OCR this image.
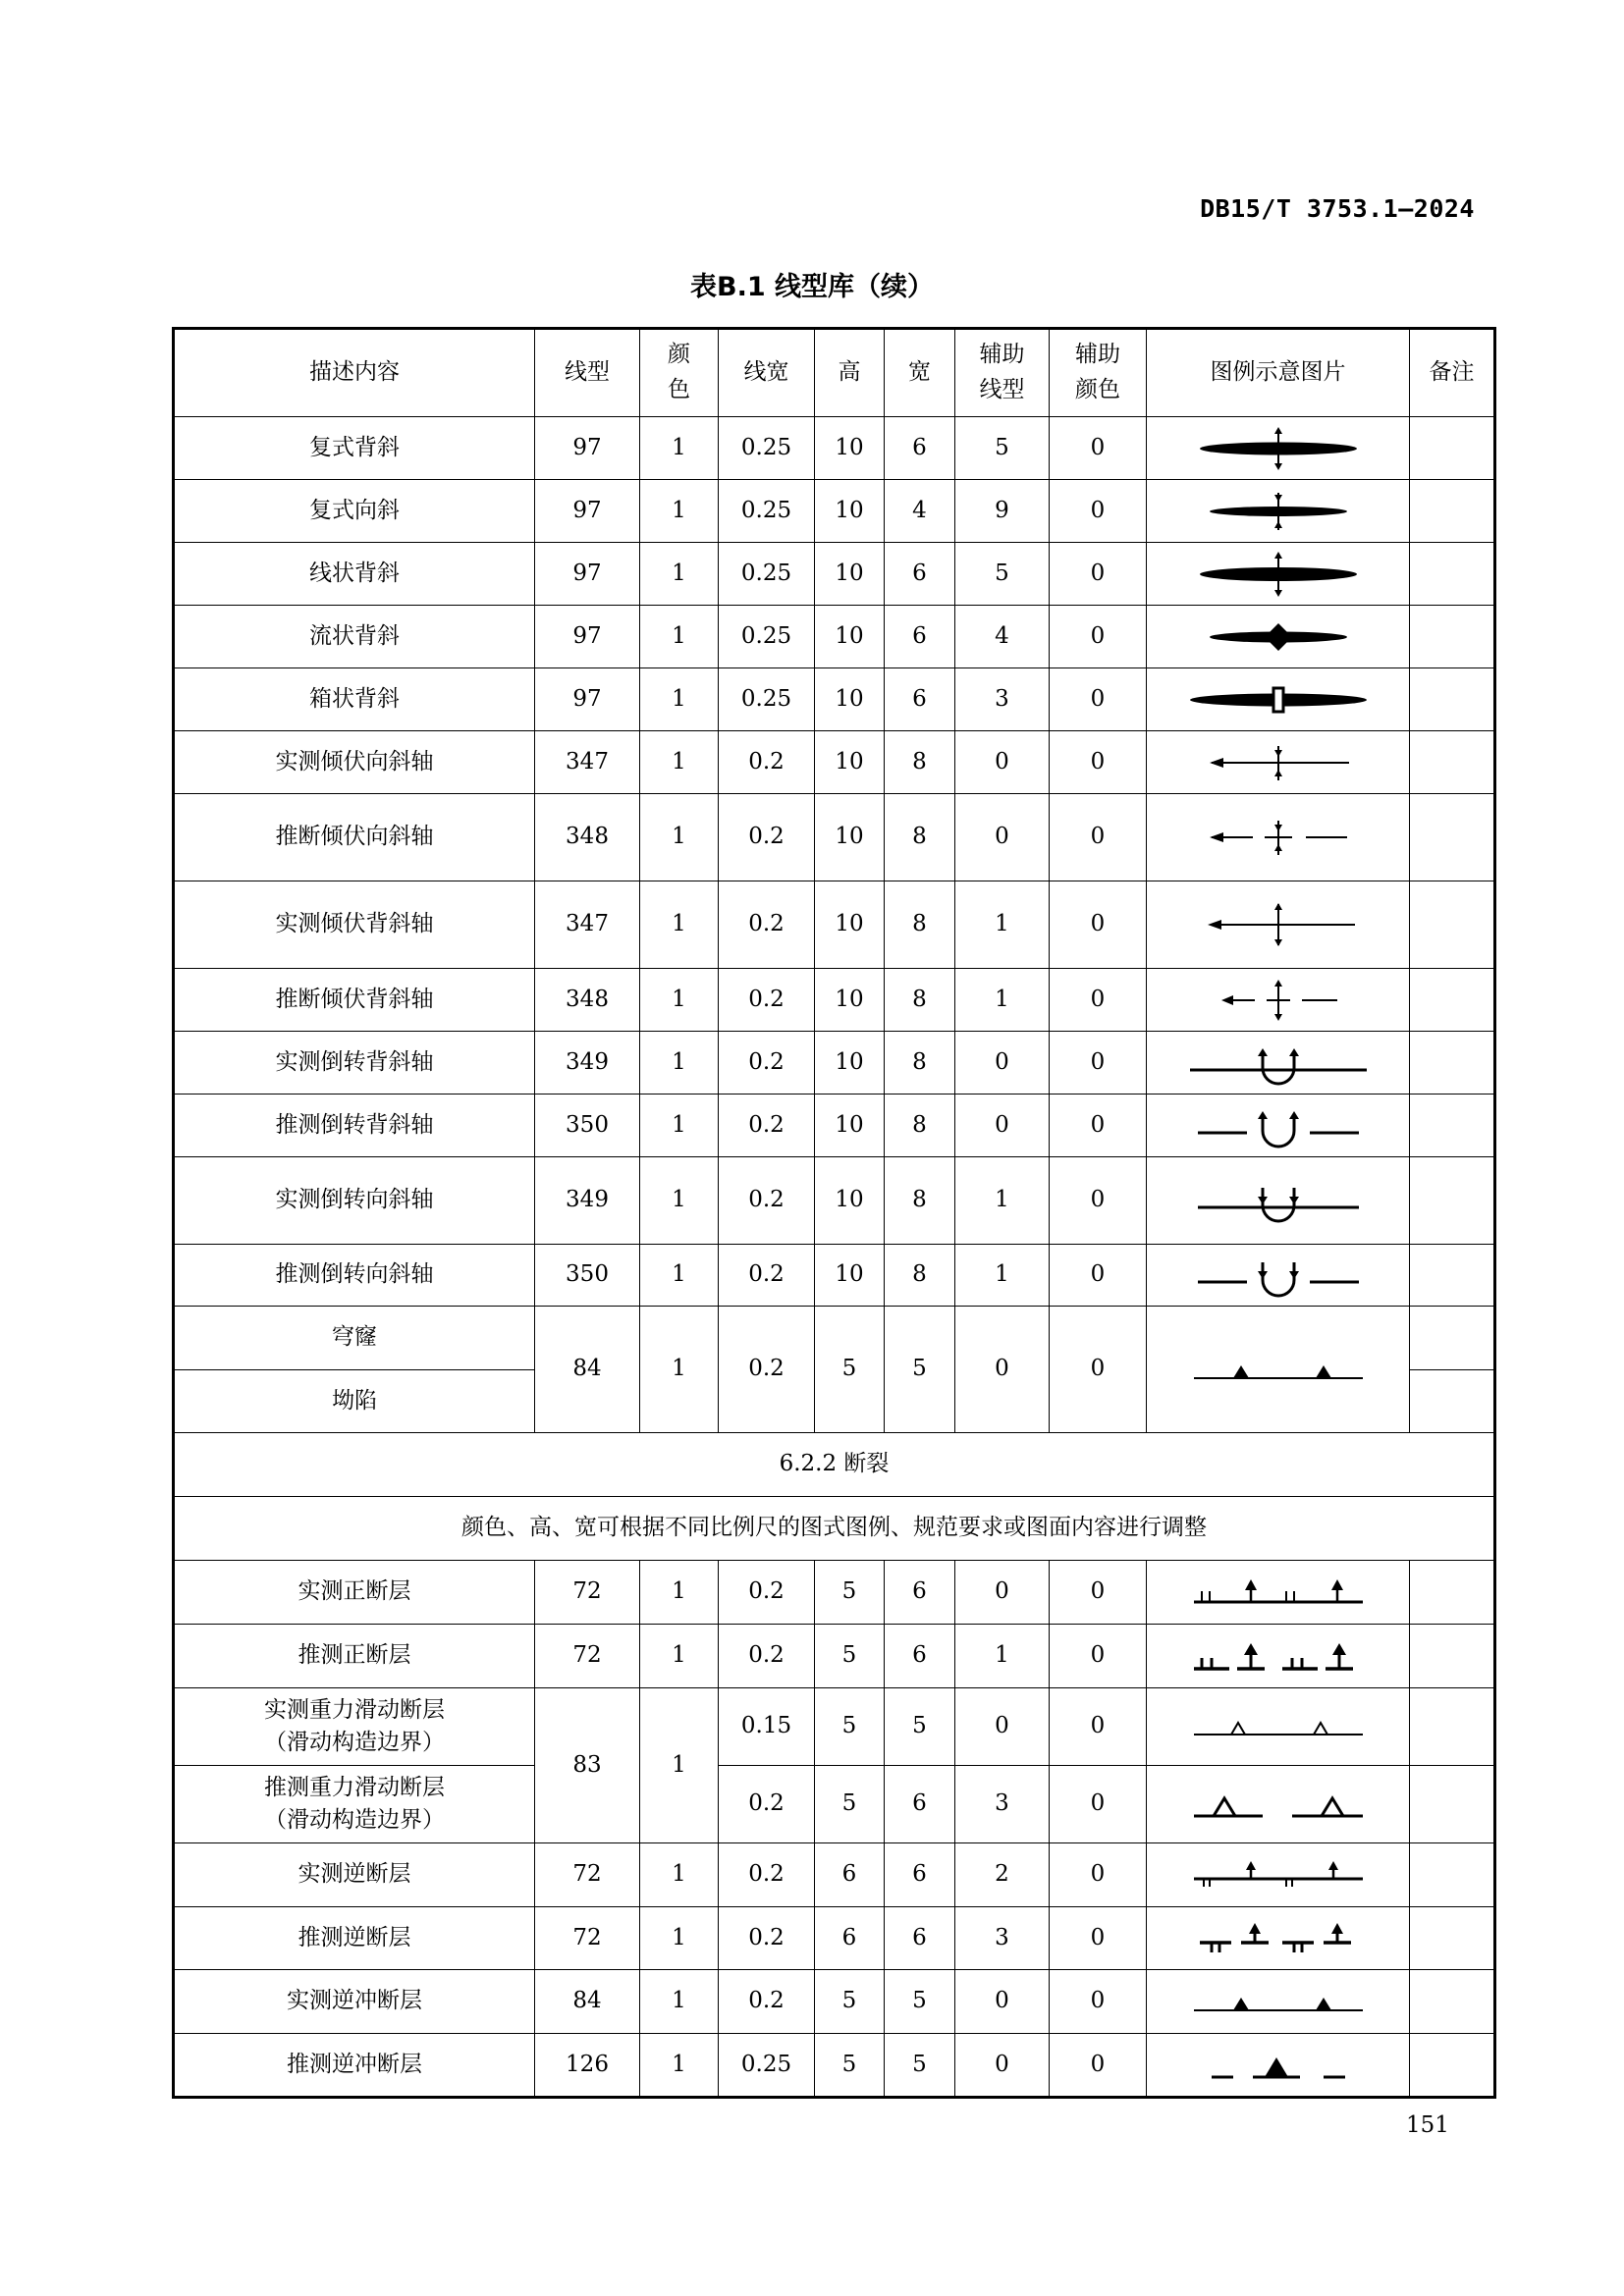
DB15/T 3753.1—2024
表B.1 线型库（续）
描述内容	线型	颜色	线宽	高	宽	辅助线型	辅助颜色	图例示意图片	备注
复式背斜	97	1	0.25	10	6	5	0	

复式向斜	97	1	0.25	10	4	9	0	

线状背斜	97	1	0.25	10	6	5	0	

流状背斜	97	1	0.25	10	6	4	0	

箱状背斜	97	1	0.25	10	6	3	0	

实测倾伏向斜轴	347	1	0.2	10	8	0	0	

推断倾伏向斜轴	348	1	0.2	10	8	0	0	

实测倾伏背斜轴	347	1	0.2	10	8	1	0	

推断倾伏背斜轴	348	1	0.2	10	8	1	0	

实测倒转背斜轴	349	1	0.2	10	8	0	0	

推测倒转背斜轴	350	1	0.2	10	8	0	0	

实测倒转向斜轴	349	1	0.2	10	8	1	0	

推测倒转向斜轴	350	1	0.2	10	8	1	0	

穹窿	84	1	0.2	5	5	0	0	

坳陷									
6.2.2 断裂									
颜色、高、宽可根据不同比例尺的图式图例、规范要求或图面内容进行调整									
实测正断层	72	1	0.2	5	6	0	0	

推测正断层	72	1	0.2	5	6	1	0	

实测重力滑动断层
（滑动构造边界）	83	1	0.15	5	5	0	0	

推测重力滑动断层
（滑动构造边界）			0.2	5	6	3	0	

实测逆断层	72	1	0.2	6	6	2	0	

推测逆断层	72	1	0.2	6	6	3	0	

实测逆冲断层	84	1	0.2	5	5	0	0	

推测逆冲断层	126	1	0.25	5	5	0	0	

151
